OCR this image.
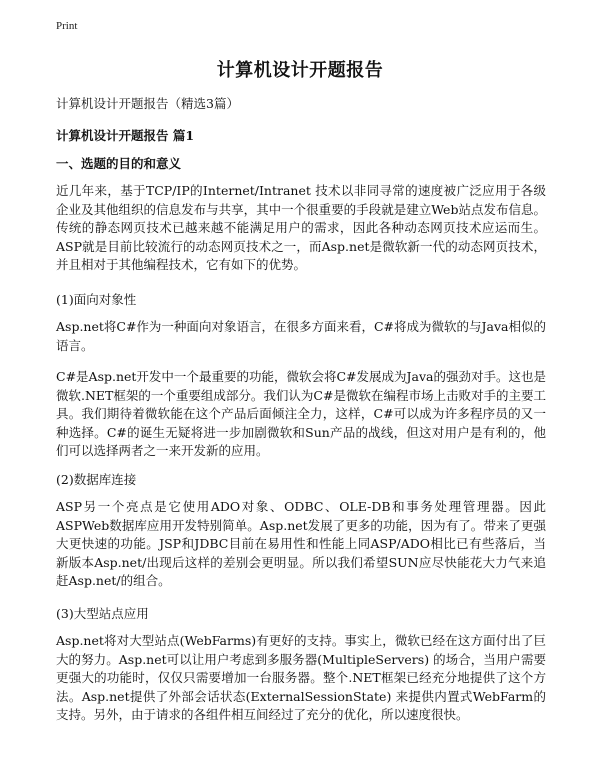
Print
计算机设计开题报告
计算机设计开题报告（精选3篇）
计算机设计开题报告 篇1
一、选题的目的和意义
近几年来，基于TCP/IP的Internet/Intranet 技术以非同寻常的速度被广泛应用于各级企业及其他组织的信息发布与共享，其中一个很重要的手段就是建立Web站点发布信息。传统的静态网页技术已越来越不能满足用户的需求，因此各种动态网页技术应运而生。ASP就是目前比较流行的动态网页技术之一，而Asp.net是微软新一代的动态网页技术，并且相对于其他编程技术，它有如下的优势。
(1)面向对象性
Asp.net将C#作为一种面向对象语言，在很多方面来看，C#将成为微软的与Java相似的语言。
C#是Asp.net开发中一个最重要的功能，微软会将C#发展成为Java的强劲对手。这也是微软.NET框架的一个重要组成部分。我们认为C#是微软在编程市场上击败对手的主要工具。我们期待着微软能在这个产品后面倾注全力，这样，C#可以成为许多程序员的又一种选择。C#的诞生无疑将进一步加剧微软和Sun产品的战线，但这对用户是有利的，他们可以选择两者之一来开发新的应用。
(2)数据库连接
ASP另一个亮点是它使用ADO对象、ODBC、OLE-DB和事务处理管理器。因此ASPWeb数据库应用开发特别简单。Asp.net发展了更多的功能，因为有了。带来了更强大更快速的功能。JSP和JDBC目前在易用性和性能上同ASP/ADO相比已有些落后，当新版本Asp.net/出现后这样的差别会更明显。所以我们希望SUN应尽快能花大力气来追赶Asp.net/的组合。
(3)大型站点应用
Asp.net将对大型站点(WebFarms)有更好的支持。事实上，微软已经在这方面付出了巨大的努力。Asp.net可以让用户考虑到多服务器(MultipleServers) 的场合，当用户需要更强大的功能时，仅仅只需要增加一台服务器。整个.NET框架已经充分地提供了这个方法。Asp.net提供了外部会话状态(ExternalSessionState) 来提供内置式WebFarm的支持。另外，由于请求的各组件相互间经过了充分的优化，所以速度很快。
